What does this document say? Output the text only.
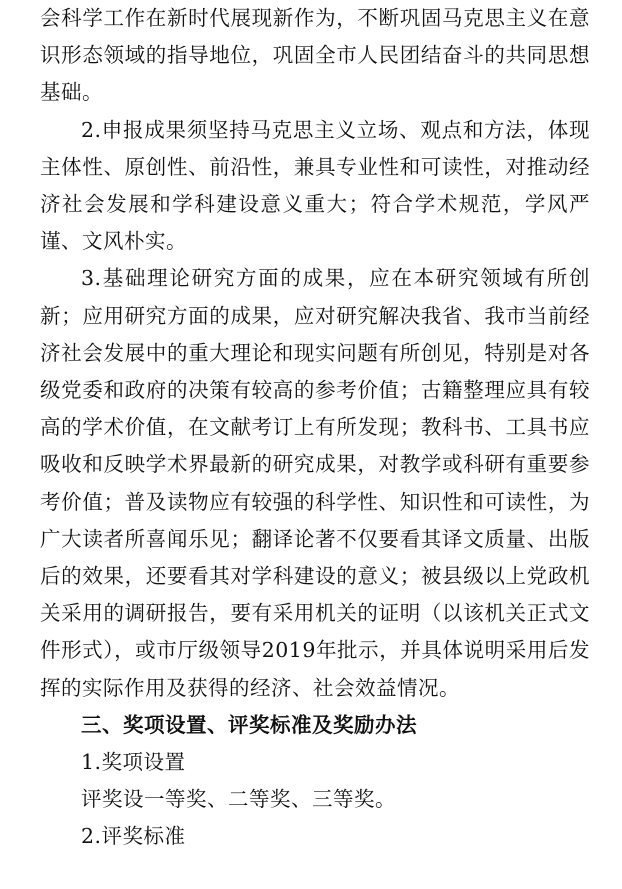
会科学工作在新时代展现新作为，不断巩固马克思主义在意识形态领域的指导地位，巩固全市人民团结奋斗的共同思想基础。

2.申报成果须坚持马克思主义立场、观点和方法，体现主体性、原创性、前沿性，兼具专业性和可读性，对推动经济社会发展和学科建设意义重大；符合学术规范，学风严谨、文风朴实。

3.基础理论研究方面的成果，应在本研究领域有所创新；应用研究方面的成果，应对研究解决我省、我市当前经济社会发展中的重大理论和现实问题有所创见，特别是对各级党委和政府的决策有较高的参考价值；古籍整理应具有较高的学术价值，在文献考订上有所发现；教科书、工具书应吸收和反映学术界最新的研究成果，对教学或科研有重要参考价值；普及读物应有较强的科学性、知识性和可读性，为广大读者所喜闻乐见；翻译论著不仅要看其译文质量、出版后的效果，还要看其对学科建设的意义；被县级以上党政机关采用的调研报告，要有采用机关的证明（以该机关正式文件形式），或市厅级领导2019年批示，并具体说明采用后发挥的实际作用及获得的经济、社会效益情况。

三、奖项设置、评奖标准及奖励办法

1.奖项设置

评奖设一等奖、二等奖、三等奖。

2.评奖标准
